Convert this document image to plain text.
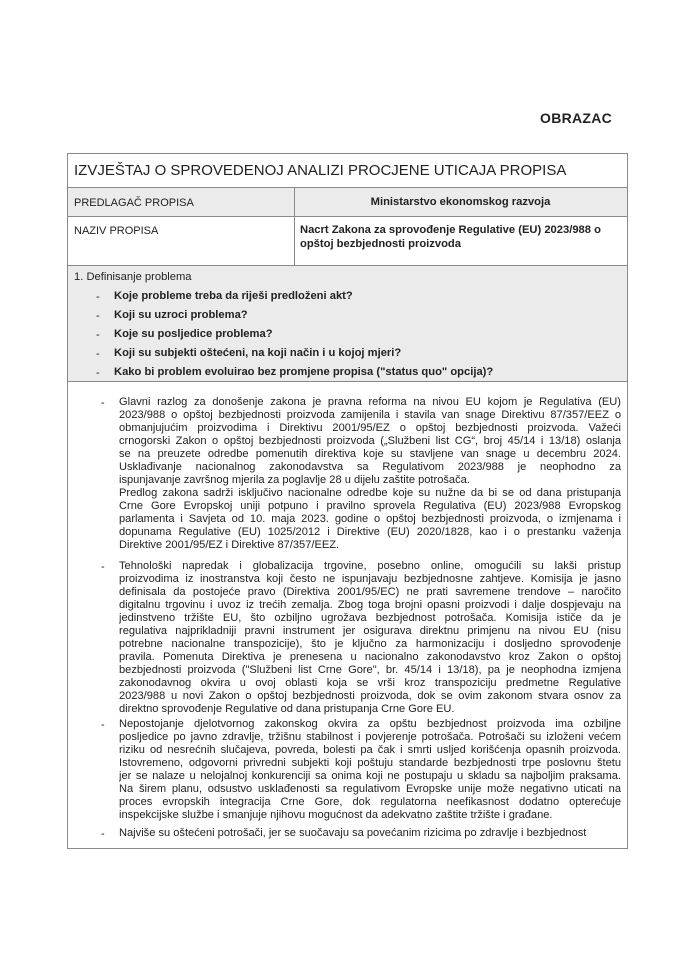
OBRAZAC
IZVJEŠTAJ O SPROVEDENOJ ANALIZI PROCJENE UTICAJA PROPISA
PREDLAGAČ PROPISA	Ministarstvo ekonomskog razvoja
NAZIV PROPISA	Nacrt Zakona za sprovođenje Regulative (EU) 2023/988 o
opštoj bezbjednosti proizvoda
1. Definisanje problema
- Koje probleme treba da riješi predloženi akt?
- Koji su uzroci problema?
- Koje su posljedice problema?
- Koji su subjekti oštećeni, na koji način i u kojoj mjeri?
- Kako bi problem evoluirao bez promjene propisa ("status quo" opcija)?
- Glavni razlog za donošenje zakona je pravna reforma na nivou EU kojom je Regulativa (EU)
2023/988 o opštoj bezbjednosti proizvoda zamijenila i stavila van snage Direktivu 87/357/EEZ o
obmanjujućim proizvodima i Direktivu 2001/95/EZ o opštoj bezbjednosti proizvoda. Važeći
crnogorski Zakon o opštoj bezbjednosti proizvoda („Službeni list CG“, broj 45/14 i 13/18) oslanja
se na preuzete odredbe pomenutih direktiva koje su stavljene van snage u decembru 2024.
Usklađivanje nacionalnog zakonodavstva sa Regulativom 2023/988 je neophodno za
ispunjavanje završnog mjerila za poglavlje 28 u dijelu zaštite potrošača.
Predlog zakona sadrži isključivo nacionalne odredbe koje su nužne da bi se od dana pristupanja
Crne Gore Evropskoj uniji potpuno i pravilno sprovela Regulativa (EU) 2023/988 Evropskog
parlamenta i Savjeta od 10. maja 2023. godine o opštoj bezbjednosti proizvoda, o izmjenama i
dopunama Regulative (EU) 1025/2012 i Direktive (EU) 2020/1828, kao i o prestanku važenja
Direktive 2001/95/EZ i Direktive 87/357/EEZ.
- Tehnološki napredak i globalizacija trgovine, posebno online, omogućili su lakši pristup
proizvodima iz inostranstva koji često ne ispunjavaju bezbjednosne zahtjeve. Komisija je jasno
definisala da postojeće pravo (Direktiva 2001/95/EC) ne prati savremene trendove – naročito
digitalnu trgovinu i uvoz iz trećih zemalja. Zbog toga brojni opasni proizvodi i dalje dospjevaju na
jedinstveno tržište EU, što ozbiljno ugrožava bezbjednost potrošača. Komisija ističe da je
regulativa najprikladniji pravni instrument jer osigurava direktnu primjenu na nivou EU (nisu
potrebne nacionalne transpozicije), što je ključno za harmonizaciju i dosljedno sprovođenje
pravila. Pomenuta Direktiva je prenesena u nacionalno zakonodavstvo kroz Zakon o opštoj
bezbjednosti proizvoda ("Službeni list Crne Gore", br. 45/14 i 13/18), pa je neophodna izmjena
zakonodavnog okvira u ovoj oblasti koja se vrši kroz transpoziciju predmetne Regulative
2023/988 u novi Zakon o opštoj bezbjednosti proizvoda, dok se ovim zakonom stvara osnov za
direktno sprovođenje Regulative od dana pristupanja Crne Gore EU.
- Nepostojanje djelotvornog zakonskog okvira za opštu bezbjednost proizvoda ima ozbiljne
posljedice po javno zdravlje, tržišnu stabilnost i povjerenje potrošača. Potrošači su izloženi većem
riziku od nesrećnih slučajeva, povreda, bolesti pa čak i smrti usljed korišćenja opasnih proizvoda.
Istovremeno, odgovorni privredni subjekti koji poštuju standarde bezbjednosti trpe poslovnu štetu
jer se nalaze u nelojalnoj konkurenciji sa onima koji ne postupaju u skladu sa najboljim praksama.
Na širem planu, odsustvo usklađenosti sa regulativom Evropske unije može negativno uticati na
proces evropskih integracija Crne Gore, dok regulatorna neefikasnost dodatno opterećuje
inspekcijske službe i smanjuje njihovu mogućnost da adekvatno zaštite tržište i građane.
- Najviše su oštećeni potrošači, jer se suočavaju sa povećanim rizicima po zdravlje i bezbjednost
